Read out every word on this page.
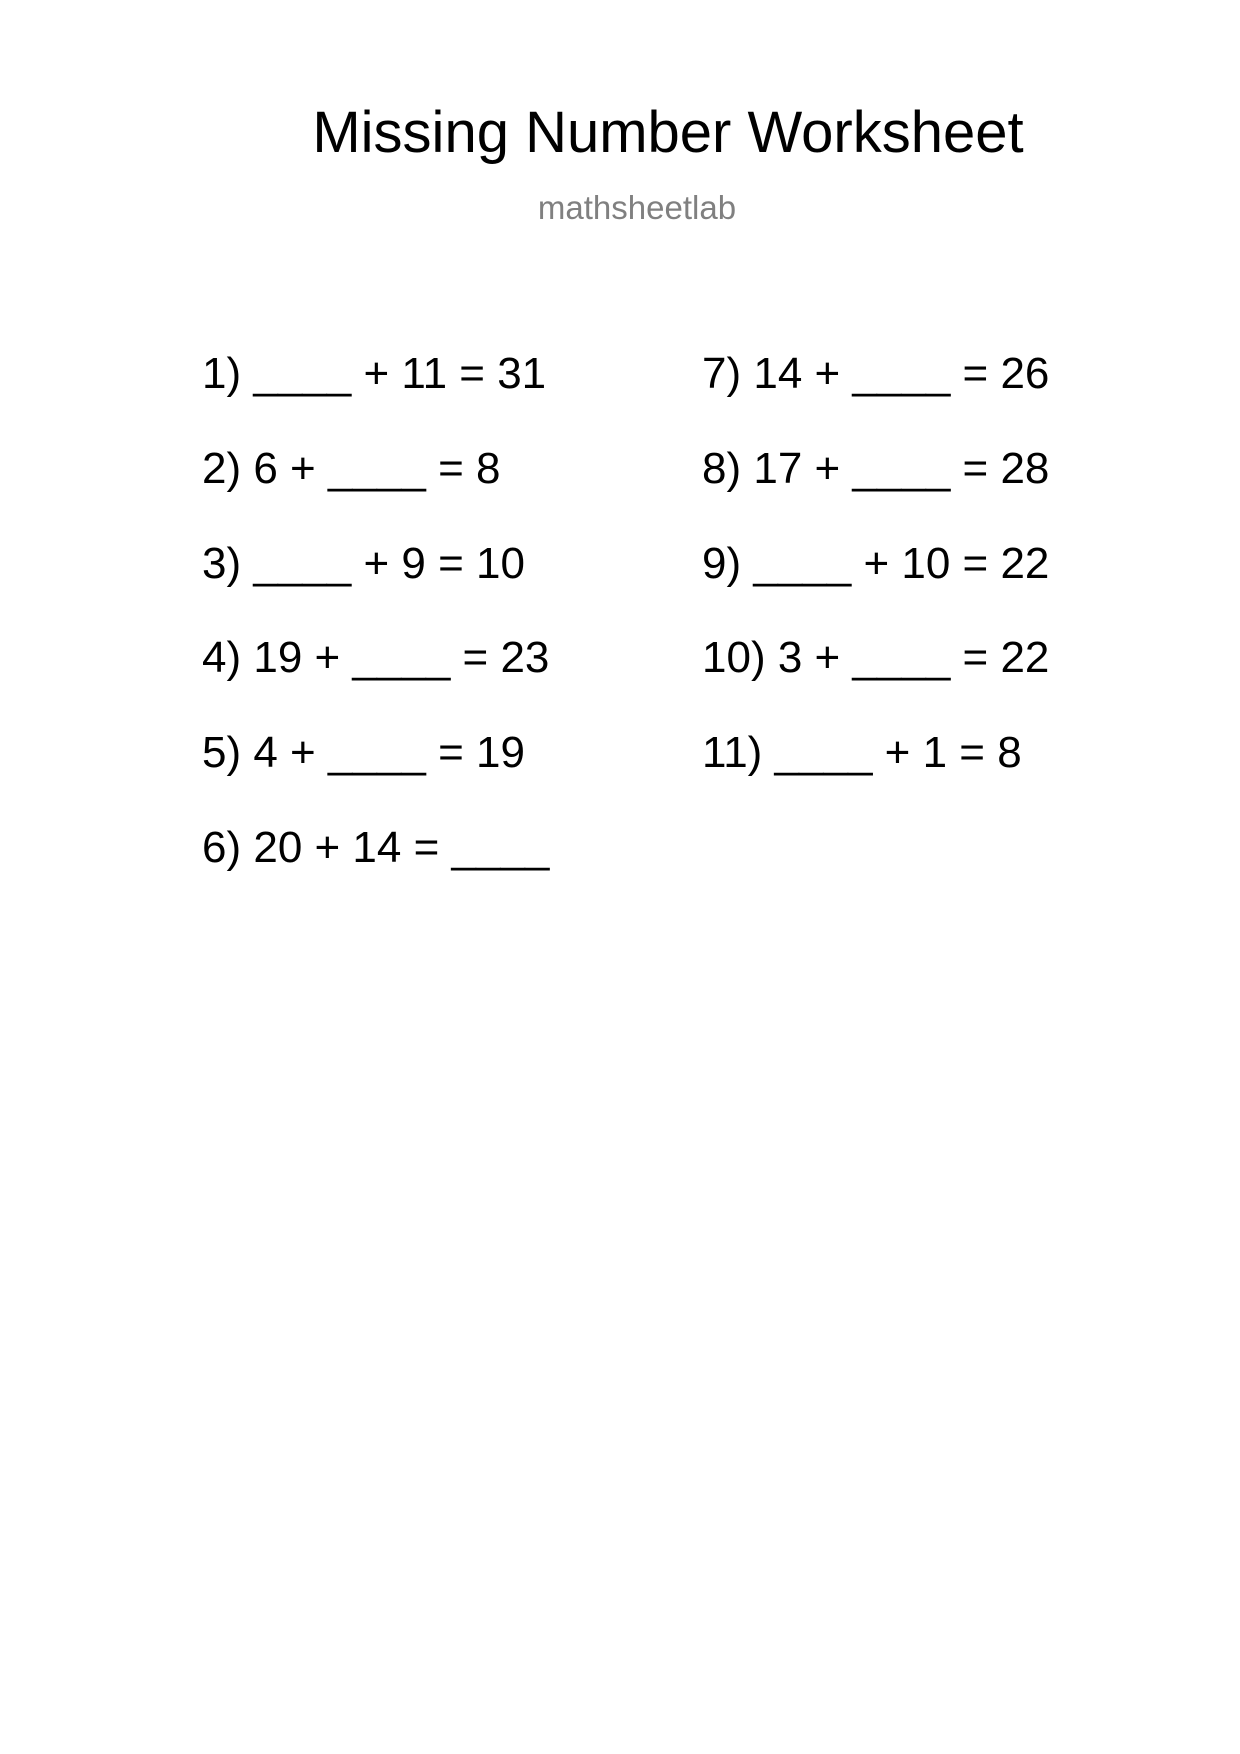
Missing Number Worksheet
mathsheetlab
1) ____ + 11 = 31
2) 6 + ____ = 8
3) ____ + 9 = 10
4) 19 + ____ = 23
5) 4 + ____ = 19
6) 20 + 14 = ____
7) 14 + ____ = 26
8) 17 + ____ = 28
9) ____ + 10 = 22
10) 3 + ____ = 22
11) ____ + 1 = 8
